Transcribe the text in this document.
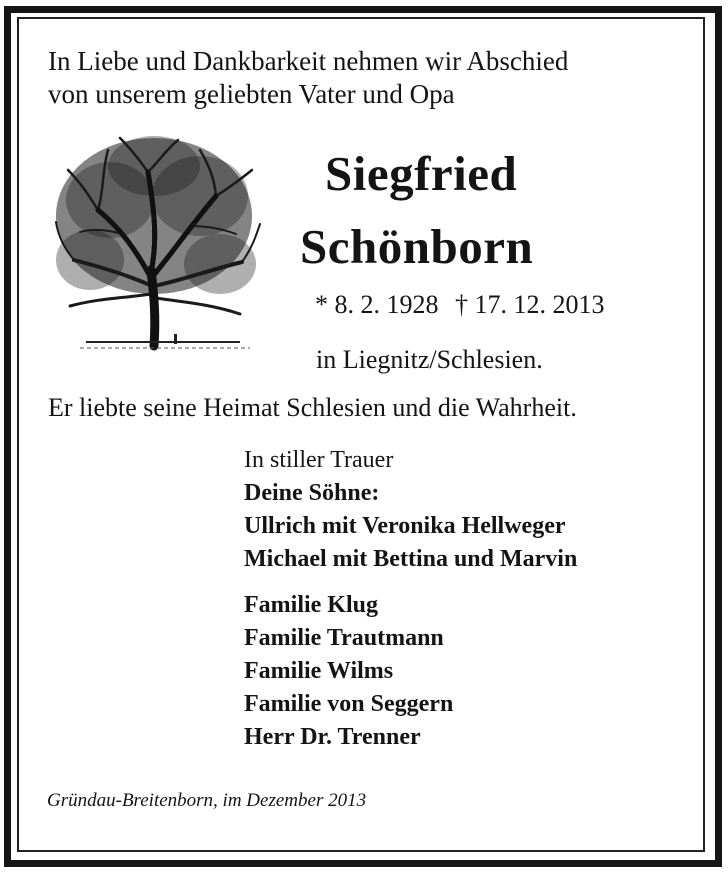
In Liebe und Dankbarkeit nehmen wir Abschied
von unserem geliebten Vater und Opa
Siegfried
Schönborn
* 8. 2. 1928 † 17. 12. 2013
in Liegnitz/Schlesien.
Er liebte seine Heimat Schlesien und die Wahrheit.
In stiller Trauer
Deine Söhne:
Ullrich mit Veronika Hellweger
Michael mit Bettina und Marvin
Familie Klug
Familie Trautmann
Familie Wilms
Familie von Seggern
Herr Dr. Trenner
Gründau-Breitenborn, im Dezember 2013
